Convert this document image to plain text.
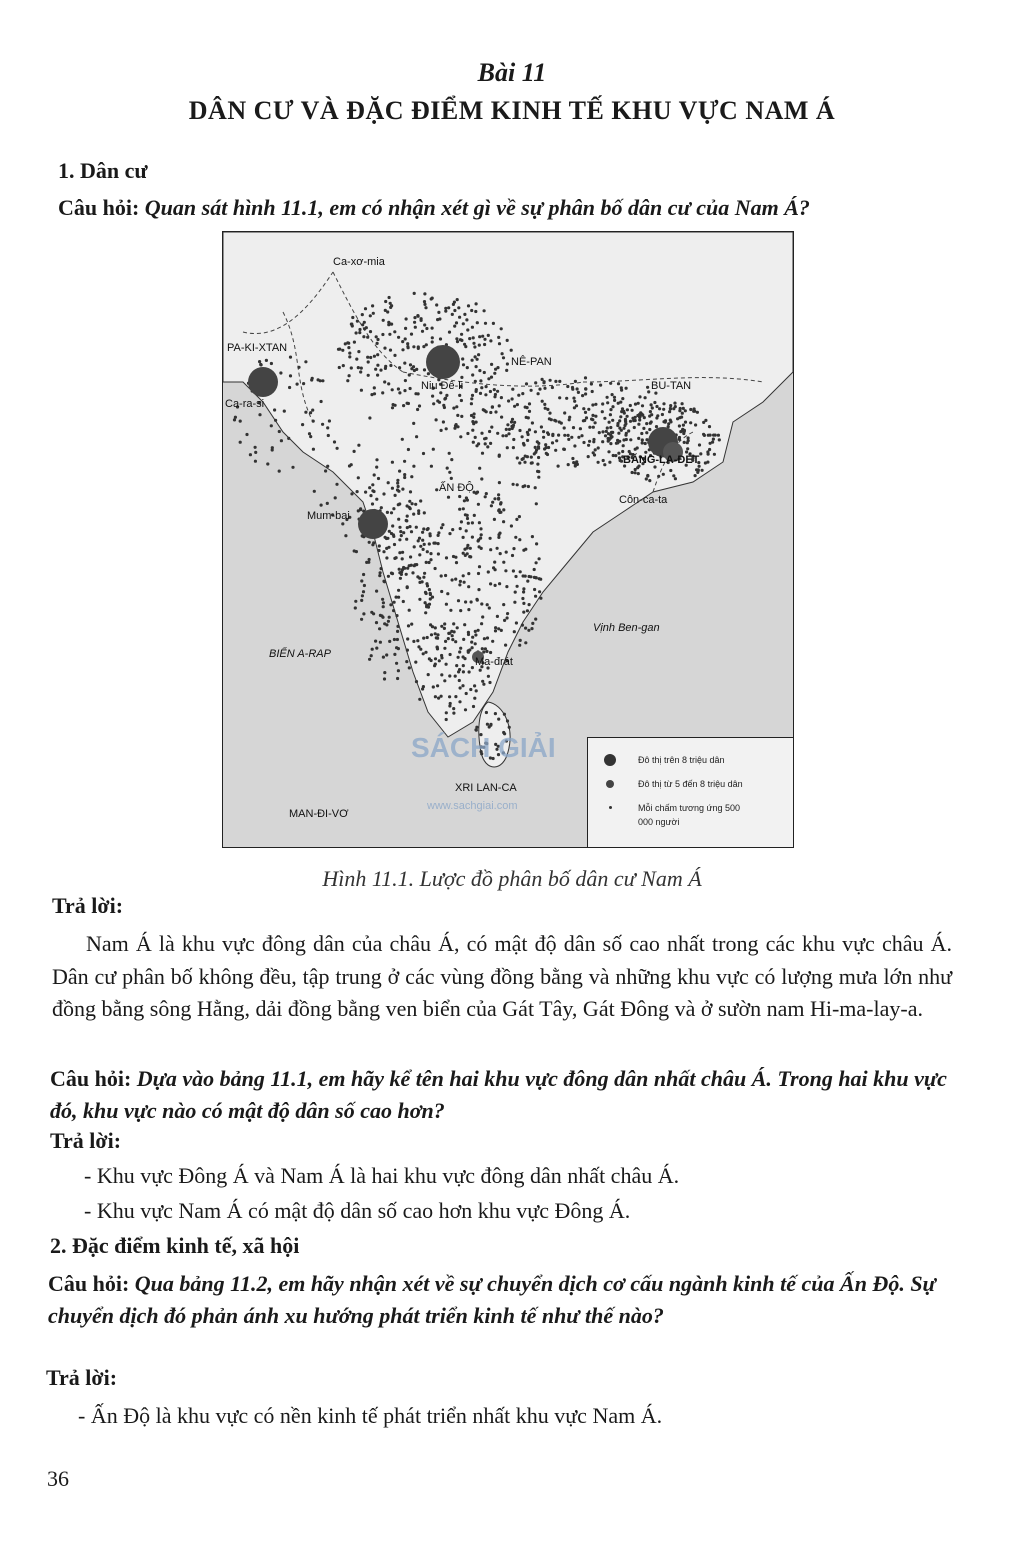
Bài 11
DÂN CƯ VÀ ĐẶC ĐIỂM KINH TẾ KHU VỰC NAM Á
1. Dân cư
Câu hỏi: Quan sát hình 11.1, em có nhận xét gì về sự phân bố dân cư của Nam Á?
Ca-xơ-mia
PA-KI-XTAN
Ca-ra-si
Niu Đê-li
NÊ-PAN
BU-TAN
BĂNG-LA-ĐÉT
Côn-ca-ta
ẤN ĐỘ
Mum-bai
BIỂN A-RAP
Vịnh Ben-gan
Ma-đrát
XRI LAN-CA
MAN-ĐI-VƠ
SÁCH GIẢI
www.sachgiai.com
Đô thị trên 8 triệu dân
Đô thị từ 5 đến 8 triệu dân
Mỗi chấm tương ứng 500 000 người
Hình 11.1. Lược đồ phân bố dân cư Nam Á
Trả lời:
Nam Á là khu vực đông dân của châu Á, có mật độ dân số cao nhất trong các khu vực châu Á. Dân cư phân bố không đều, tập trung ở các vùng đồng bằng và những khu vực có lượng mưa lớn như đồng bằng sông Hằng, dải đồng bằng ven biển của Gát Tây, Gát Đông và ở sườn nam Hi-ma-lay-a.
Câu hỏi: Dựa vào bảng 11.1, em hãy kể tên hai khu vực đông dân nhất châu Á. Trong hai khu vực đó, khu vực nào có mật độ dân số cao hơn?
Trả lời:
- Khu vực Đông Á và Nam Á là hai khu vực đông dân nhất châu Á.
- Khu vực Nam Á có mật độ dân số cao hơn khu vực Đông Á.
2. Đặc điểm kinh tế, xã hội
Câu hỏi: Qua bảng 11.2, em hãy nhận xét về sự chuyển dịch cơ cấu ngành kinh tế của Ấn Độ. Sự chuyển dịch đó phản ánh xu hướng phát triển kinh tế như thế nào?
Trả lời:
- Ấn Độ là khu vực có nền kinh tế phát triển nhất khu vực Nam Á.
36
